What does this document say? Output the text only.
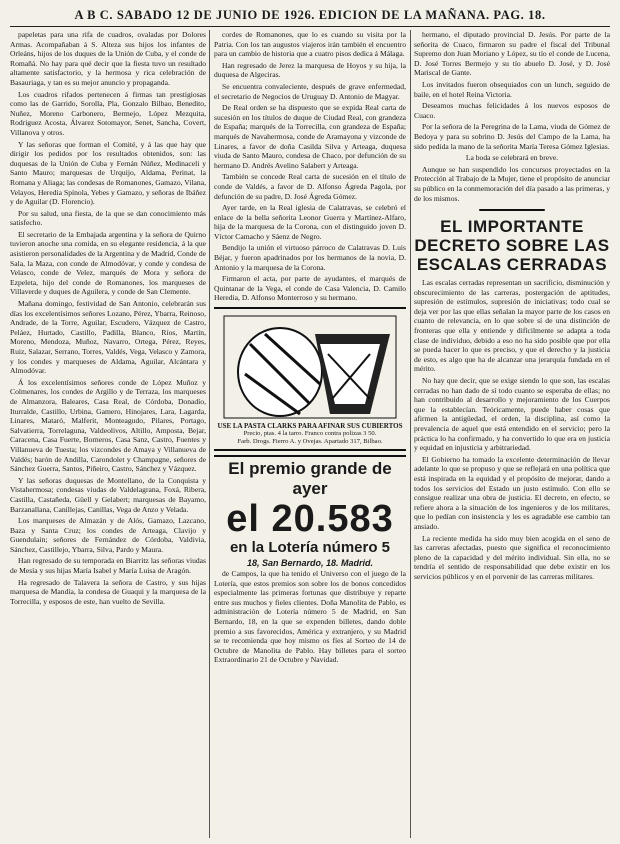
A B C. SABADO 12 DE JUNIO DE 1926. EDICION DE LA MAÑANA. PAG. 18.

papeletas para una rifa de cuadros, ovaladas por Dolores Armas. Acompañaban á S. Alteza sus hijos los infantes de Orleáns, hijos de los duques de la Unión de Cuba, y el conde de Romañá. No hay para qué decir que la fiesta tuvo un resultado altamente satisfactorio, y la hermosa y rica celebración de Basauriaga, y tan es su mejor anuncio y propaganda.

Los cuadros rifados pertenecen á firmas tan prestigiosas como las de Garrido, Sorolla, Pla, Gonzalo Bilbao, Benedito, Nuñez, Moreno Carbonero, Bermejo, López Mezquita, Rodriguez Acosta, Álvarez Sotomayor, Senet, Sancha, Covert, Villanova y otros.

Y las señoras que forman el Comité, y á las que hay que dirigir los pedidos por los resultados obtenidos, son: las duquesas de la Unión de Cuba y Fernán Núñez, Medinaceli y Santo Mauro; marquesas de Urquijo, Aldama, Perinat, la Romana y Aliaga; las condesas de Romanones, Gamazo, Vilana, Velayos, Heredia Spínola, Yebes y Gamazo, y señoras de Ibáñez y de Aguilar (D. Florencio).

Por su salud, una fiesta, de la que se dan conocimiento más satisfecho.

El secretario de la Embajada argentina y la señora de Quirno tuvieron anoche una comida, en su elegante residencia, á la que asistieron personalidades de la Argentina y de Madrid, Conde de Sala, la Maza, con conde de Almodóvar, y conde y condesa de Velasco, conde de Velez, marqués de Mora y señora de Ezpeleta, hijo del conde de Romanones, los marqueses de Villaverde y duques de Aguilera, y conde de San Clemente.

Mañana domingo, festividad de San Antonio, celebrarán sus días los excelentísimos señores Lozano, Pérez, Ybarra, Reinoso, Andrade, de la Torre, Aguilar, Escudero, Vázquez de Castro, Peláez, Hurtado, Castillo, Padilla, Blanco, Ríos, Martín, Moreno, Mendoza, Muñoz, Navarro, Ortega, Pérez, Reyes, Ruiz, Salazar, Serrano, Torres, Valdés, Vega, Velasco y Zamora, y los condes y marqueses de Aldama, Aguilar, Alcántara y Almodóvar.

Á los excelentísimos señores conde de López Muñoz y Colmenares, los condes de Argillo y de Terraza, los marqueses de Almanzora, Baleares, Casa Real, de Córdoba, Donadío, Iturralde, Castillo, Urbina, Gamero, Hinojares, Lara, Lagarda, Linares, Mataró, Malferit, Monteagudo, Pilares, Portago, Salvatierra, Torrelaguna, Valdeolivos, Altillo, Amposta, Bejar, Caracena, Casa Fuerte, Borneros, Casa Sanz, Castro, Fuentes y Villanueva de Tuesta; los vizcondes de Amaya y Villanueva de Valdés; barón de Andilla, Carondolet y Champagne, señores de Sánchez Guerra, Santos, Piñeiro, Castro, Sánchez y Vázquez.

Y las señoras duquesas de Montellano, de la Conquista y Vistahermosa; condesas viudas de Valdelagrana, Foxá, Ribera, Castilla, Castañeda, Güell y Gelabert; marquesas de Bayamo, Barzanallana, Canillejas, Canillas, Vega de Anzo y Velada.

Los marqueses de Almazán y de Alós, Gamazo, Lazcano, Baza y Santa Cruz; los condes de Arteaga, Clavijo y Guendulain; señores de Fernández de Córdoba, Valdivia, Sánchez, Castillejo, Ybarra, Silva, Pardo y Maura.

Han regresado de su temporada en Biarritz las señoras viudas de Mesía y sus hijas María Isabel y María Luisa de Aragón.

Ha regresado de Talavera la señora de Castro, y sus hijas marquesa de Mandía, la condesa de Guaqui y la marquesa de la Torrecilla, y esposos de este, han vuelto de Sevilla.

cordes de Romanones, que lo es cuando su visita por la Patria. Con los tan augustos viajeros irán también el encuentro para un cambio de historia que a cuatro pisos dedica á Málaga.

Han regresado de Jerez la marquesa de Hoyos y su hija, la duquesa de Algeciras.

Se encuentra convaleciente, después de grave enfermedad, el secretario de Negocios de Uruguay D. Antonio de Magyar.

De Real orden se ha dispuesto que se expida Real carta de sucesión en los títulos de duque de Ciudad Real, con grandeza de España; marqués de la Torrecilla, con grandeza de España; marqués de Navahermosa, conde de Aramayona y vizconde de Linares, a favor de doña Casilda Silva y Arteaga, duquesa viuda de Santo Mauro, condesa de Chaco, por defunción de su hermano D. Andrés Avelino Salabert y Arteaga.

También se concede Real carta de sucesión en el título de conde de Valdés, a favor de D. Alfonso Ágreda Pagola, por defunción de su padre, D. José Ágreda Gómez.

Ayer tarde, en la Real iglesia de Calatravas, se celebró el enlace de la bella señorita Leonor Guerra y Martínez-Alfaro, hija de la marquesa de la Corona, con el distinguido joven D. Víctor Camacho y Sáenz de Negro.

Bendijo la unión el virtuoso párroco de Calatravas D. Luis Béjar, y fueron apadrinados por los hermanos de la novia, D. Antonio y la marquesa de la Corona.

Firmaron el acta, por parte de ayudantes, el marqués de Quintanar de la Vega, el conde de Casa Valencia, D. Camilo Heredia, D. Alfonso Monterroso y su hermano.

USE LA PASTA CLARKS PARA AFINAR SUS CUBIERTOS
Precio, ptas. 4 la tarro. Franco contra polizas 3 50.
Farb. Drogs. Fierro A. y Ovejas. Apartado 317, Bilbao.
El premio grande de ayer
el 20.583
en la Lotería número 5
18, San Bernardo, 18. Madrid.

de Campos, la que ha tenido el Universo con el juego de la Lotería, que estos premios son sobre los de bonos concedidos especialmente las primeras fortunas que distribuye y reparte entre sus muchos y fieles clientes. Doña Manolita de Pablo, es administración de Lotería número 5 de Madrid, en San Bernardo, 18, en la que se expenden billetes, dando doble premio a sus favorecidos, América y extranjero, y su Madrid se te recomienda que hoy mismo os fíes al Sorteo de 14 de Octubre de Manolita de Pablo. Hay billetes para el sorteo Extraordinario 21 de Octubre y Navidad.

hermano, el diputado provincial D. Jesús. Por parte de la señorita de Cuaco, firmaron su padre el fiscal del Tribunal Supremo don Juan Moriano y López, su tío el conde de Lucena, D. José Torres Bermejo y su tío abuelo D. José, y D. José Mariscal de Gante.

Los invitados fueron obsequiados con un lunch, seguido de baile, en el hotel Reina Victoria.

Deseamos muchas felicidades á los nuevos esposos de Cuaco.

Por la señora de la Peregrina de la Lama, viuda de Gómez de Bedoya y para su sobrino D. Jesús del Campo de la Lama, ha sido pedida la mano de la señorita María Teresa Gómez Iglesias.

La boda se celebrará en breve.

Aunque se han suspendido los concursos proyectados en la Protección al Trabajo de la Mujer, tiene el propósito de anunciar su público en la conmemoración del día pasado a las primeras, y de los mismos.

EL IMPORTANTE DECRETO SOBRE LAS ESCALAS CERRADAS

Las escalas cerradas representan un sacrificio, disminución y obscurecimiento de las carreras, postergación de aptitudes, supresión de estímulos, supresión de iniciativas; todo cual se deja ver por las que ellas señalan la mayor parte de los casos en cuanto de relevancia, en lo que sobre sí de una distinción de fronteras que ella y entiende y difícilmente se adapta a toda clase de individuo, debido a eso no ha sido posible que por ella se pueda hacer lo que es preciso, y que el derecho y la justicia de esto, es algo que ha de alcanzar una jerarquía fundada en el mérito.

No hay que decir, que se exige siendo lo que son, las escalas cerradas no han dado de sí todo cuanto se esperaba de ellas; no han contribuido al desarrollo y mejoramiento de los Cuerpos que la establecían. Teóricamente, puede haber cosas que afirmen la antigüedad, el orden, la disciplina, así como la prevalencia de aquel que está entendido en el servicio; pero la práctica lo ha confirmado, y ha convertido lo que era en justicia y equidad en injusticia y arbitrariedad.

El Gobierno ha tomado la excelente determinación de llevar adelante lo que se propuso y que se reflejará en una política que está inspirada en la equidad y el propósito de mejorar, dando a todos los servicios del Estado un justo estímulo. Con ello se consigue realizar una obra de justicia. El decreto, en efecto, se refiere ahora a la situación de los ingenieros y de los militares, que lo pedían con insistencia y les es agradable ese cambio tan ansiado.

La reciente medida ha sido muy bien acogida en el seno de las carreras afectadas, puesto que significa el reconocimiento pleno de la capacidad y del mérito individual. Sin ella, no se tendría el sentido de responsabilidad que debe existir en los servicios públicos y en el porvenir de las carreras militares.
